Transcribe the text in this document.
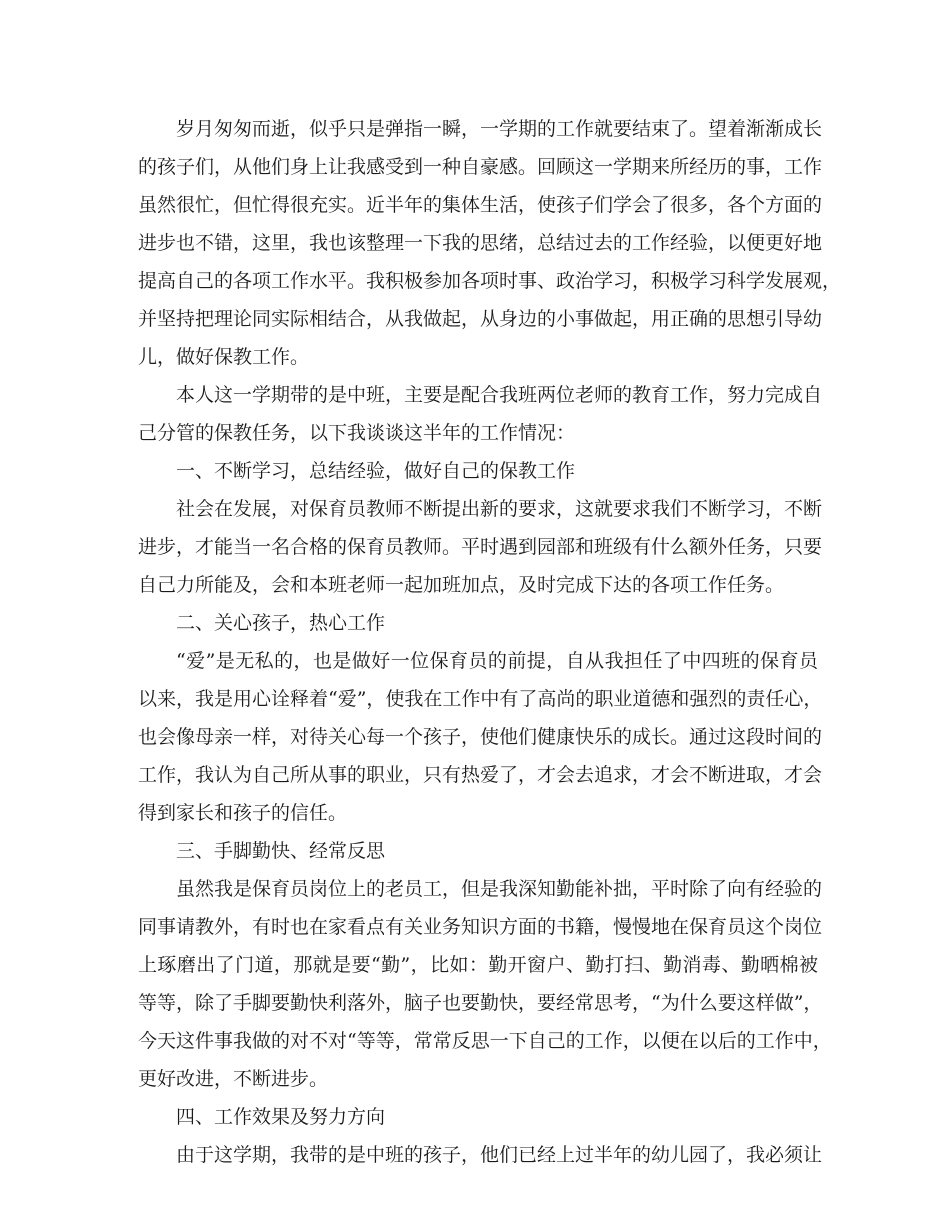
岁月匆匆而逝，似乎只是弹指一瞬，一学期的工作就要结束了。望着渐渐成长
的孩子们，从他们身上让我感受到一种自豪感。回顾这一学期来所经历的事，工作
虽然很忙，但忙得很充实。近半年的集体生活，使孩子们学会了很多，各个方面的
进步也不错，这里，我也该整理一下我的思绪，总结过去的工作经验，以便更好地
提高自己的各项工作水平。我积极参加各项时事、政治学习，积极学习科学发展观，
并坚持把理论同实际相结合，从我做起，从身边的小事做起，用正确的思想引导幼
儿，做好保教工作。
本人这一学期带的是中班，主要是配合我班两位老师的教育工作，努力完成自
己分管的保教任务，以下我谈谈这半年的工作情况：
一、不断学习，总结经验，做好自己的保教工作
社会在发展，对保育员教师不断提出新的要求，这就要求我们不断学习，不断
进步，才能当一名合格的保育员教师。平时遇到园部和班级有什么额外任务，只要
自己力所能及，会和本班老师一起加班加点，及时完成下达的各项工作任务。
二、关心孩子，热心工作
“爱”是无私的，也是做好一位保育员的前提，自从我担任了中四班的保育员
以来，我是用心诠释着“爱”，使我在工作中有了高尚的职业道德和强烈的责任心，
也会像母亲一样，对待关心每一个孩子，使他们健康快乐的成长。通过这段时间的
工作，我认为自己所从事的职业，只有热爱了，才会去追求，才会不断进取，才会
得到家长和孩子的信任。
三、手脚勤快、经常反思
虽然我是保育员岗位上的老员工，但是我深知勤能补拙，平时除了向有经验的
同事请教外，有时也在家看点有关业务知识方面的书籍，慢慢地在保育员这个岗位
上琢磨出了门道，那就是要“勤”，比如：勤开窗户、勤打扫、勤消毒、勤晒棉被
等等，除了手脚要勤快利落外，脑子也要勤快，要经常思考，“为什么要这样做”，
今天这件事我做的对不对“等等，常常反思一下自己的工作，以便在以后的工作中，
更好改进，不断进步。
四、工作效果及努力方向
由于这学期，我带的是中班的孩子，他们已经上过半年的幼儿园了，我必须让
